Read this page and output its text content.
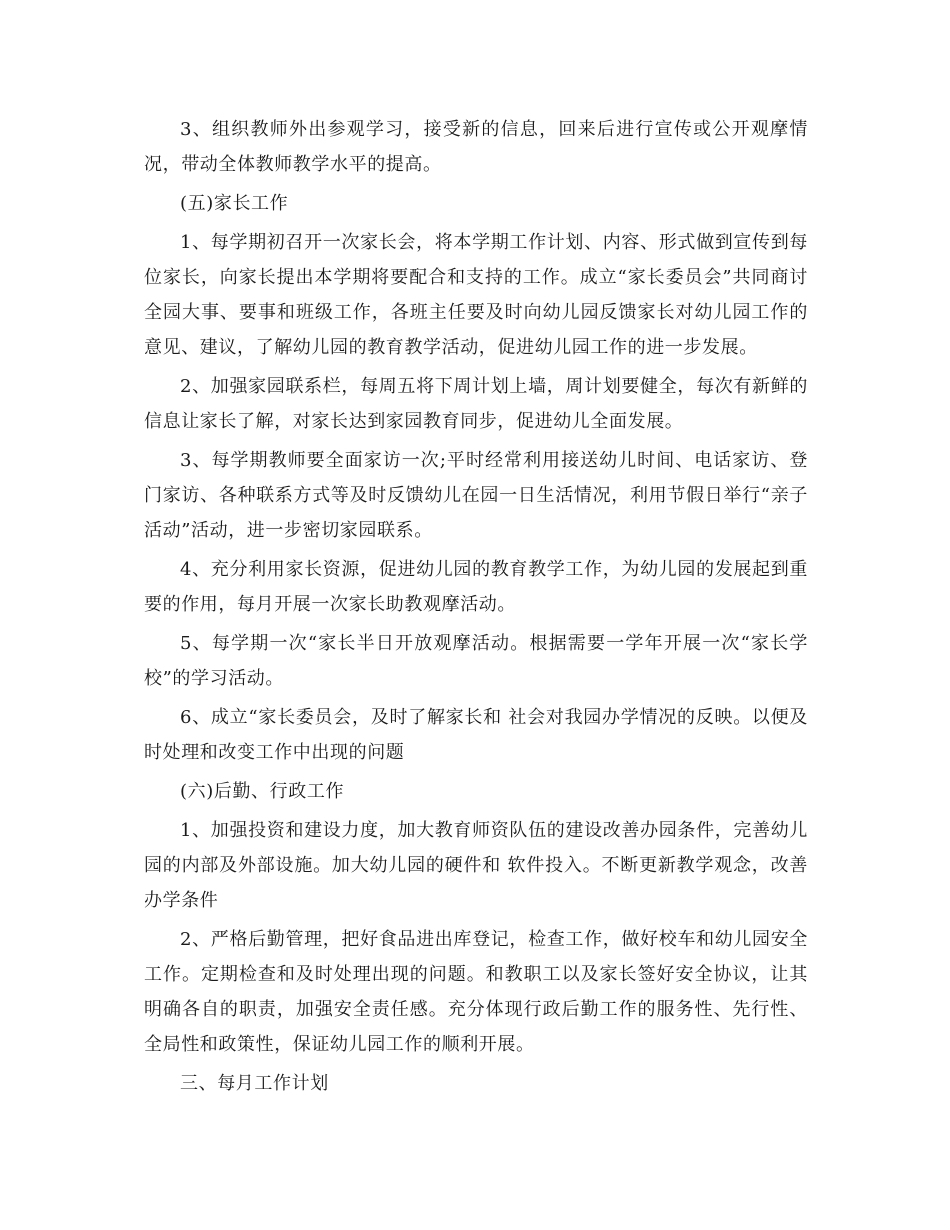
3、组织教师外出参观学习，接受新的信息，回来后进行宣传或公开观摩情况，带动全体教师教学水平的提高。

(五)家长工作

1、每学期初召开一次家长会，将本学期工作计划、内容、形式做到宣传到每位家长，向家长提出本学期将要配合和支持的工作。成立“家长委员会”共同商讨全园大事、要事和班级工作，各班主任要及时向幼儿园反馈家长对幼儿园工作的意见、建议，了解幼儿园的教育教学活动，促进幼儿园工作的进一步发展。

2、加强家园联系栏，每周五将下周计划上墙，周计划要健全，每次有新鲜的信息让家长了解，对家长达到家园教育同步，促进幼儿全面发展。

3、每学期教师要全面家访一次;平时经常利用接送幼儿时间、电话家访、登门家访、各种联系方式等及时反馈幼儿在园一日生活情况，利用节假日举行“亲子活动”活动，进一步密切家园联系。

4、充分利用家长资源，促进幼儿园的教育教学工作，为幼儿园的发展起到重要的作用，每月开展一次家长助教观摩活动。

5、每学期一次“家长半日开放观摩活动。根据需要一学年开展一次“家长学校”的学习活动。

6、成立“家长委员会，及时了解家长和 社会对我园办学情况的反映。以便及时处理和改变工作中出现的问题

(六)后勤、行政工作

1、加强投资和建设力度，加大教育师资队伍的建设改善办园条件，完善幼儿园的内部及外部设施。加大幼儿园的硬件和 软件投入。不断更新教学观念，改善办学条件

2、严格后勤管理，把好食品进出库登记，检查工作，做好校车和幼儿园安全工作。定期检查和及时处理出现的问题。和教职工以及家长签好安全协议，让其明确各自的职责，加强安全责任感。充分体现行政后勤工作的服务性、先行性、全局性和政策性，保证幼儿园工作的顺利开展。

三、每月工作计划
